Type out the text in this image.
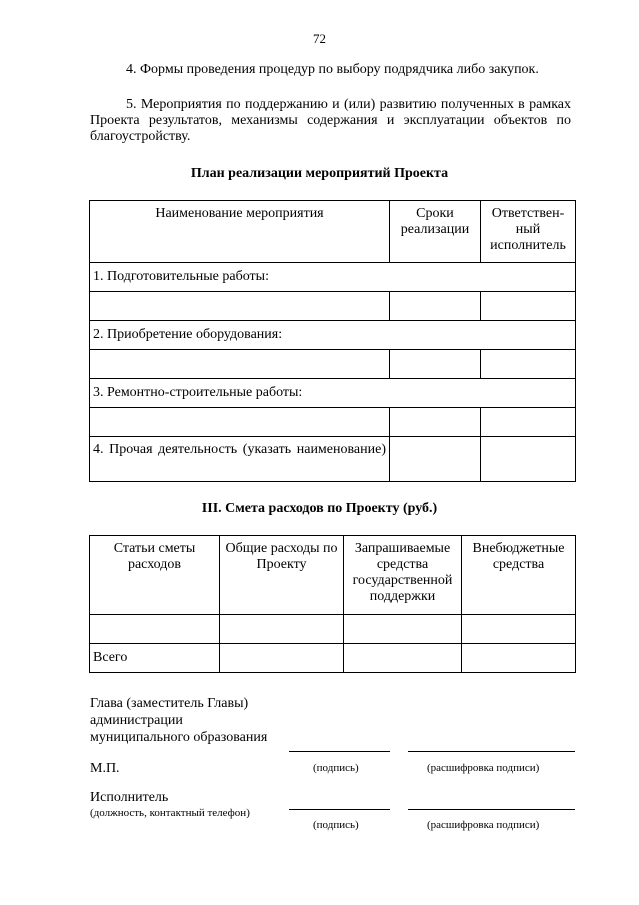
72
4. Формы проведения процедур по выбору подрядчика либо закупок.
5. Мероприятия по поддержанию и (или) развитию полученных в рамках Проекта результатов, механизмы содержания и эксплуатации объектов по благоустройству.
План реализации мероприятий Проекта
Наименование мероприятия	Сроки реализации	Ответствен-ный исполнитель
1. Подготовительные работы:		

2. Приобретение оборудования:		

3. Ремонтно-строительные работы:		

4. Прочая деятельность (указать наименование)		
III. Смета расходов по Проекту (руб.)
Статьи сметы расходов	Общие расходы по Проекту	Запрашиваемые средства государственной поддержки	Внебюджетные средства

Всего			
Глава (заместитель Главы)
администрации
муниципального образования
М.П.	(подпись)	(расшифровка подписи)
Исполнитель
(должность, контактный телефон)
(подпись)	(расшифровка подписи)
